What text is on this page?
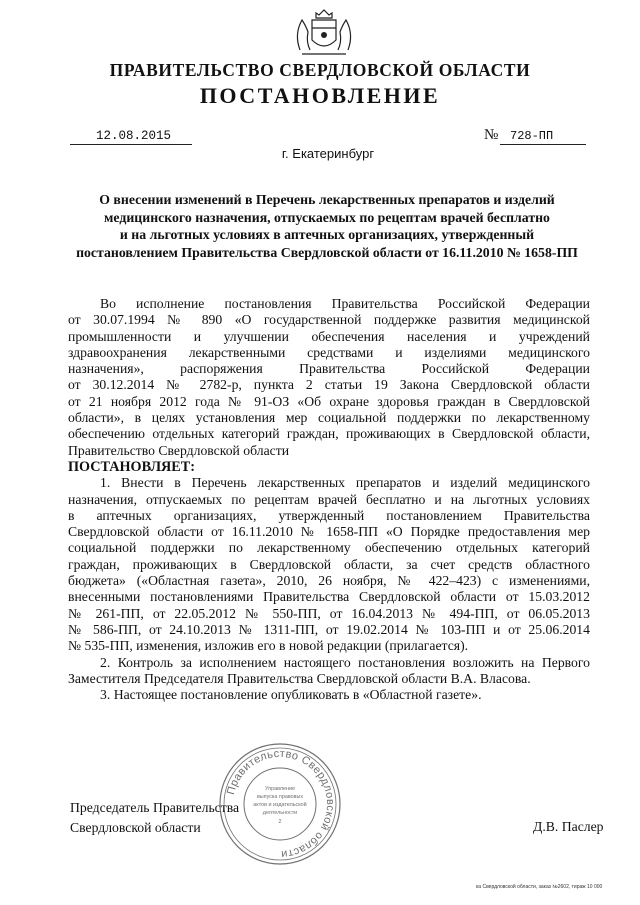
ПРАВИТЕЛЬСТВО СВЕРДЛОВСКОЙ ОБЛАСТИ
ПОСТАНОВЛЕНИЕ
12.08.2015	№ 728-ПП
г. Екатеринбург
О внесении изменений в Перечень лекарственных препаратов и изделий
медицинского назначения, отпускаемых по рецептам врачей бесплатно
и на льготных условиях в аптечных организациях, утвержденный
постановлением Правительства Свердловской области от 16.11.2010 № 1658-ПП

Во исполнение постановления Правительства Российской Федерации

от 30.07.1994 № 890 «О государственной поддержке развития медицинской

промышленности и улучшении обеспечения населения и учреждений

здравоохранения лекарственными средствами и изделиями медицинского

назначения», распоряжения Правительства Российской Федерации

от 30.12.2014 № 2782-р, пункта 2 статьи 19 Закона Свердловской области

от 21 ноября 2012 года № 91-ОЗ «Об охране здоровья граждан в Свердловской

области», в целях установления мер социальной поддержки по лекарственному

обеспечению отдельных категорий граждан, проживающих в Свердловской области,

Правительство Свердловской области

ПОСТАНОВЛЯЕТ:

1. Внести в Перечень лекарственных препаратов и изделий медицинского

назначения, отпускаемых по рецептам врачей бесплатно и на льготных условиях

в аптечных организациях, утвержденный постановлением Правительства

Свердловской области от 16.11.2010 № 1658-ПП «О Порядке предоставления мер

социальной поддержки по лекарственному обеспечению отдельных категорий

граждан, проживающих в Свердловской области, за счет средств областного

бюджета» («Областная газета», 2010, 26 ноября, № 422–423) с изменениями,

внесенными постановлениями Правительства Свердловской области от 15.03.2012

№ 261-ПП, от 22.05.2012 № 550-ПП, от 16.04.2013 № 494-ПП, от 06.05.2013

№ 586-ПП, от 24.10.2013 № 1311-ПП, от 19.02.2014 № 103-ПП и от 25.06.2014

№ 535-ПП, изменения, изложив его в новой редакции (прилагается).

2. Контроль за исполнением настоящего постановления возложить на Первого

Заместителя Председателя Правительства Свердловской области В.А. Власова.

3. Настоящее постановление опубликовать в «Областной газете».

Правительство Свердловской области
Управление
выпуска правовых
актов и издательской
деятельности
2
Председатель Правительства
Свердловской области	Д.В. Паслер
ка Свердловской области, заказ №2602, тираж 10 000
